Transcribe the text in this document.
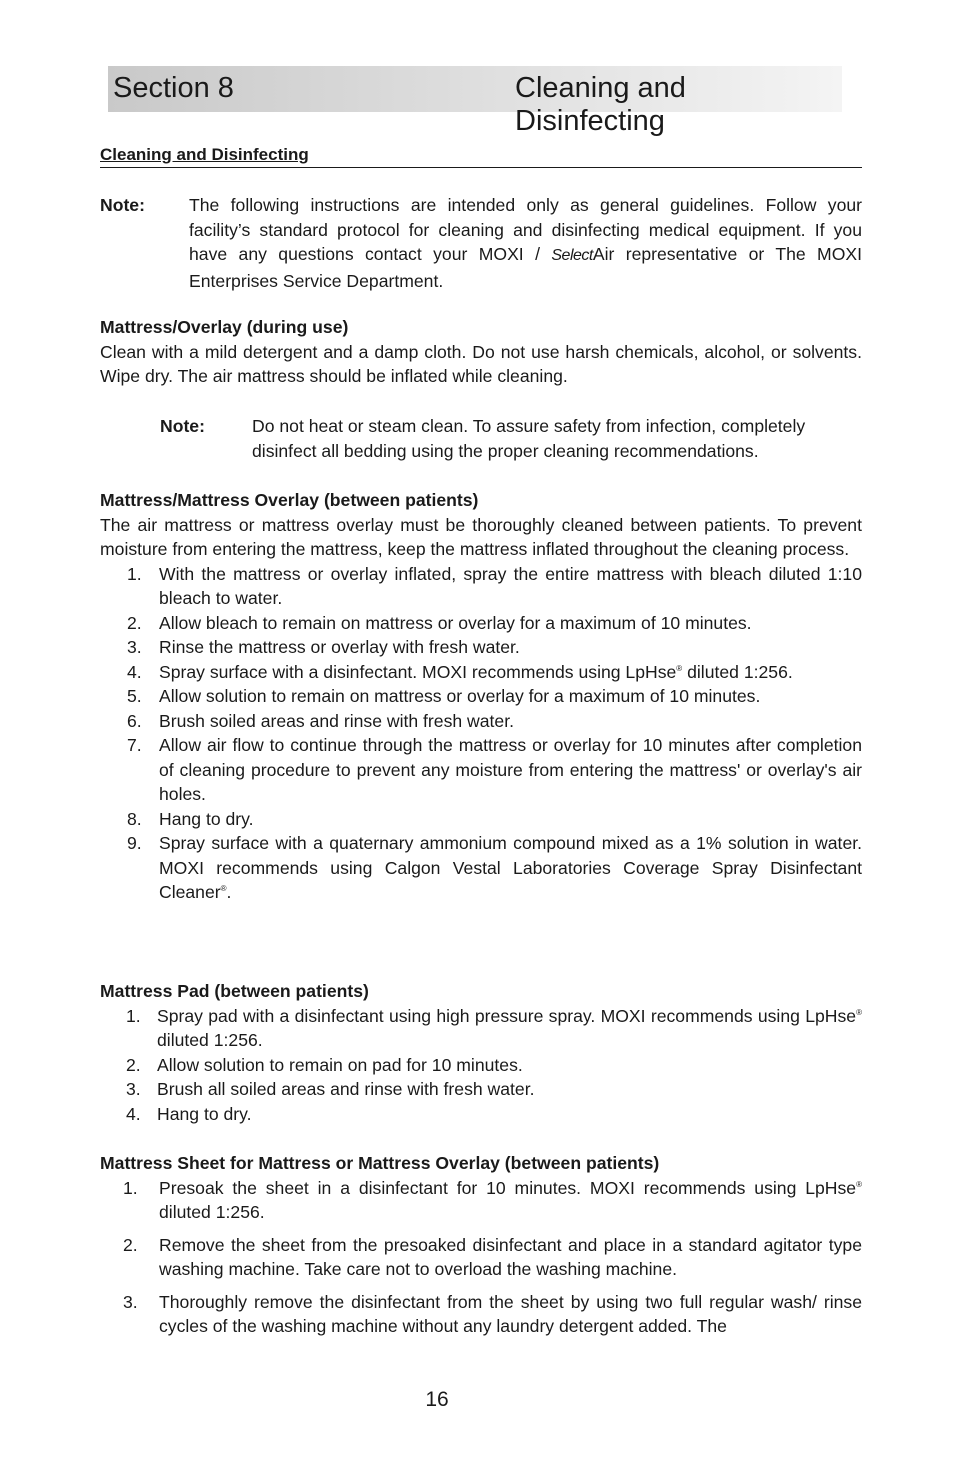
Section 8	Cleaning and Disinfecting
Cleaning and Disinfecting
Note:	The following instructions are intended only as general guidelines. Follow your facility’s standard protocol for cleaning and disinfecting medical equipment. If you have any questions contact your MOXI / SelectAir representative or The MOXI Enterprises Service Department.
Mattress/Overlay (during use)
Clean with a mild detergent and a damp cloth. Do not use harsh chemicals, alcohol, or solvents. Wipe dry. The air mattress should be inflated while cleaning.
Note:	Do not heat or steam clean. To assure safety from infection, completely disinfect all bedding using the proper cleaning recommendations.
Mattress/Mattress Overlay (between patients)
The air mattress or mattress overlay must be thoroughly cleaned between patients. To prevent moisture from entering the mattress, keep the mattress inflated throughout the cleaning process.
1. With the mattress or overlay inflated, spray the entire mattress with bleach diluted 1:10 bleach to water.
2. Allow bleach to remain on mattress or overlay for a maximum of 10 minutes.
3. Rinse the mattress or overlay with fresh water.
4. Spray surface with a disinfectant. MOXI recommends using LpHse® diluted 1:256.
5. Allow solution to remain on mattress or overlay for a maximum of 10 minutes.
6. Brush soiled areas and rinse with fresh water.
7. Allow air flow to continue through the mattress or overlay for 10 minutes after completion of cleaning procedure to prevent any moisture from entering the mattress' or overlay's air holes.
8. Hang to dry.
9. Spray surface with a quaternary ammonium compound mixed as a 1% solution in water. MOXI recommends using Calgon Vestal Laboratories Coverage Spray Disinfectant Cleaner®.
Mattress Pad (between patients)
1. Spray pad with a disinfectant using high pressure spray. MOXI recommends using LpHse® diluted 1:256.
2. Allow solution to remain on pad for 10 minutes.
3. Brush all soiled areas and rinse with fresh water.
4. Hang to dry.
Mattress Sheet for Mattress or Mattress Overlay (between patients)
1. Presoak the sheet in a disinfectant for 10 minutes. MOXI recommends using LpHse® diluted 1:256.
2. Remove the sheet from the presoaked disinfectant and place in a standard agitator type washing machine. Take care not to overload the washing machine.
3. Thoroughly remove the disinfectant from the sheet by using two full regular wash/ rinse cycles of the washing machine without any laundry detergent added. The
16
